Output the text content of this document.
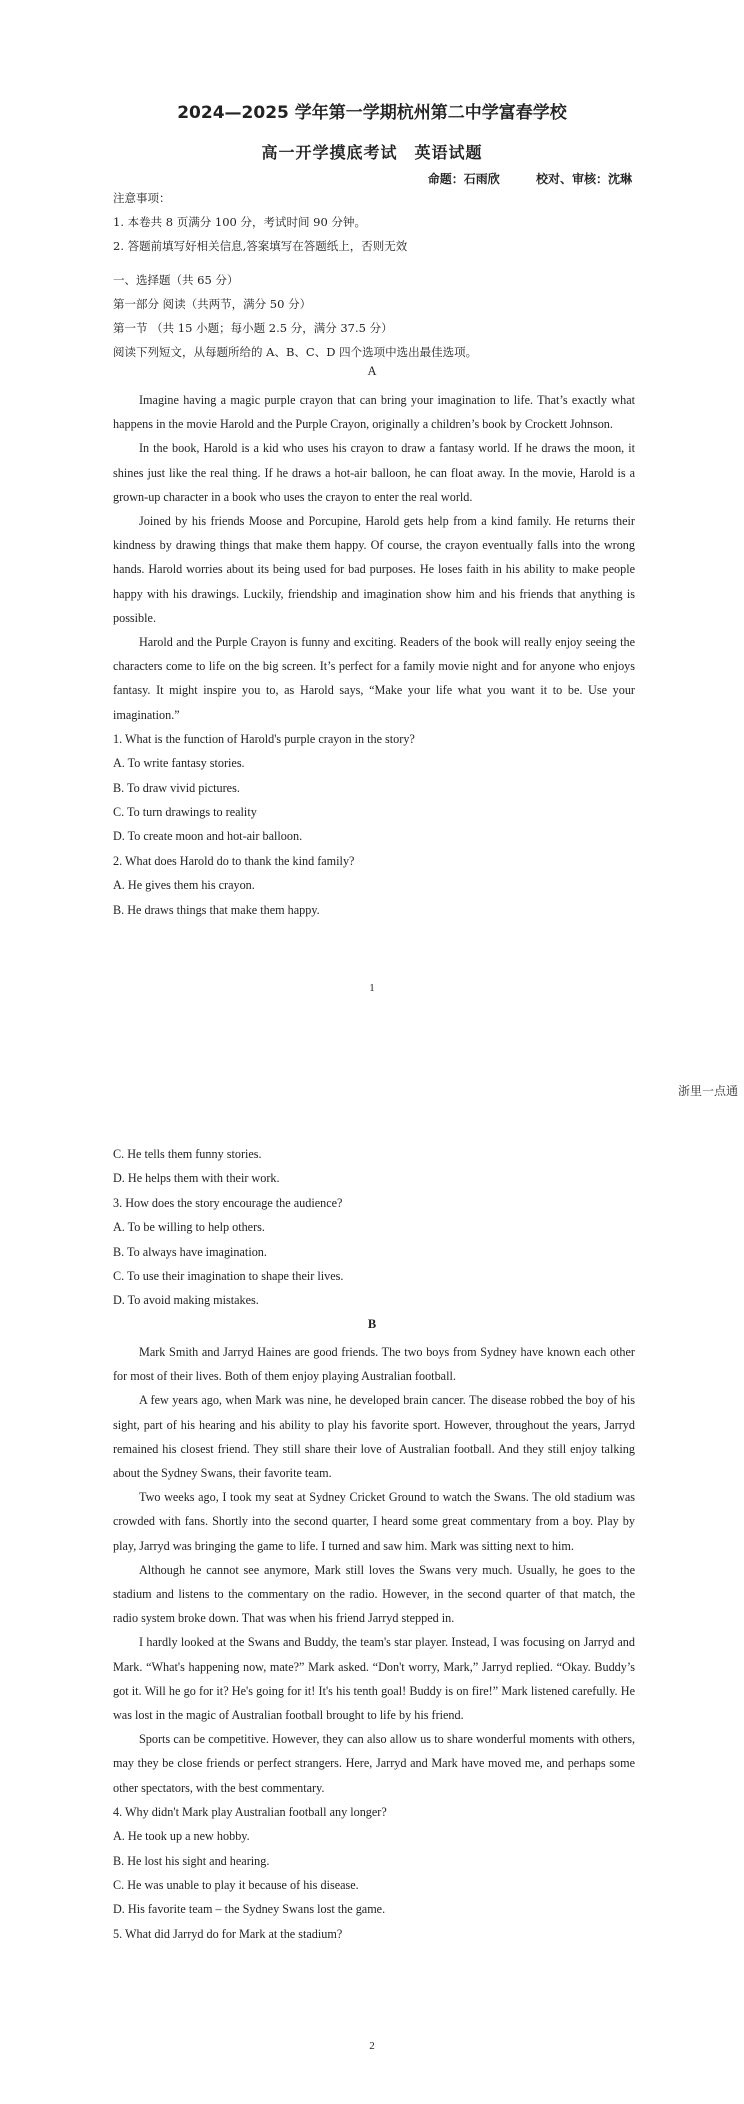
2024—2025 学年第一学期杭州第二中学富春学校
高一开学摸底考试　英语试题
命题：石雨欣	校对、审核：沈琳
注意事项：
1. 本卷共 8 页满分 100 分，考试时间 90 分钟。
2. 答题前填写好相关信息,答案填写在答题纸上，否则无效
一、选择题（共 65 分）
第一部分 阅读（共两节，满分 50 分）
第一节 （共 15 小题；每小题 2.5 分，满分 37.5 分）
阅读下列短文，从每题所给的 A、B、C、D 四个选项中选出最佳选项。
A

Imagine having a magic purple crayon that can bring your imagination to life. That’s exactly what happens in the movie Harold and the Purple Crayon, originally a children’s book by Crockett Johnson.

In the book, Harold is a kid who uses his crayon to draw a fantasy world. If he draws the moon, it shines just like the real thing. If he draws a hot-air balloon, he can float away. In the movie, Harold is a grown-up character in a book who uses the crayon to enter the real world.

Joined by his friends Moose and Porcupine, Harold gets help from a kind family. He returns their kindness by drawing things that make them happy. Of course, the crayon eventually falls into the wrong hands. Harold worries about its being used for bad purposes. He loses faith in his ability to make people happy with his drawings. Luckily, friendship and imagination show him and his friends that anything is possible.

Harold and the Purple Crayon is funny and exciting. Readers of the book will really enjoy seeing the characters come to life on the big screen. It’s perfect for a family movie night and for anyone who enjoys fantasy. It might inspire you to, as Harold says, “Make your life what you want it to be. Use your imagination.”

1. What is the function of Harold's purple crayon in the story?

A. To write fantasy stories.

B. To draw vivid pictures.

C. To turn drawings to reality

D. To create moon and hot-air balloon.

2. What does Harold do to thank the kind family?

A. He gives them his crayon.

B. He draws things that make them happy.

1
浙里一点通

C. He tells them funny stories.

D. He helps them with their work.

3. How does the story encourage the audience?

A. To be willing to help others.

B. To always have imagination.

C. To use their imagination to shape their lives.

D. To avoid making mistakes.

B

Mark Smith and Jarryd Haines are good friends. The two boys from Sydney have known each other for most of their lives. Both of them enjoy playing Australian football.

A few years ago, when Mark was nine, he developed brain cancer. The disease robbed the boy of his sight, part of his hearing and his ability to play his favorite sport. However, throughout the years, Jarryd remained his closest friend. They still share their love of Australian football. And they still enjoy talking about the Sydney Swans, their favorite team.

Two weeks ago, I took my seat at Sydney Cricket Ground to watch the Swans. The old stadium was crowded with fans. Shortly into the second quarter, I heard some great commentary from a boy. Play by play, Jarryd was bringing the game to life. I turned and saw him. Mark was sitting next to him.

Although he cannot see anymore, Mark still loves the Swans very much. Usually, he goes to the stadium and listens to the commentary on the radio. However, in the second quarter of that match, the radio system broke down. That was when his friend Jarryd stepped in.

I hardly looked at the Swans and Buddy, the team's star player. Instead, I was focusing on Jarryd and Mark. “What's happening now, mate?” Mark asked. “Don't worry, Mark,” Jarryd replied. “Okay. Buddy’s got it. Will he go for it? He's going for it! It's his tenth goal! Buddy is on fire!” Mark listened carefully. He was lost in the magic of Australian football brought to life by his friend.

Sports can be competitive. However, they can also allow us to share wonderful moments with others, may they be close friends or perfect strangers. Here, Jarryd and Mark have moved me, and perhaps some other spectators, with the best commentary.

4. Why didn't Mark play Australian football any longer?

A. He took up a new hobby.

B. He lost his sight and hearing.

C. He was unable to play it because of his disease.

D. His favorite team – the Sydney Swans lost the game.

5. What did Jarryd do for Mark at the stadium?

2
